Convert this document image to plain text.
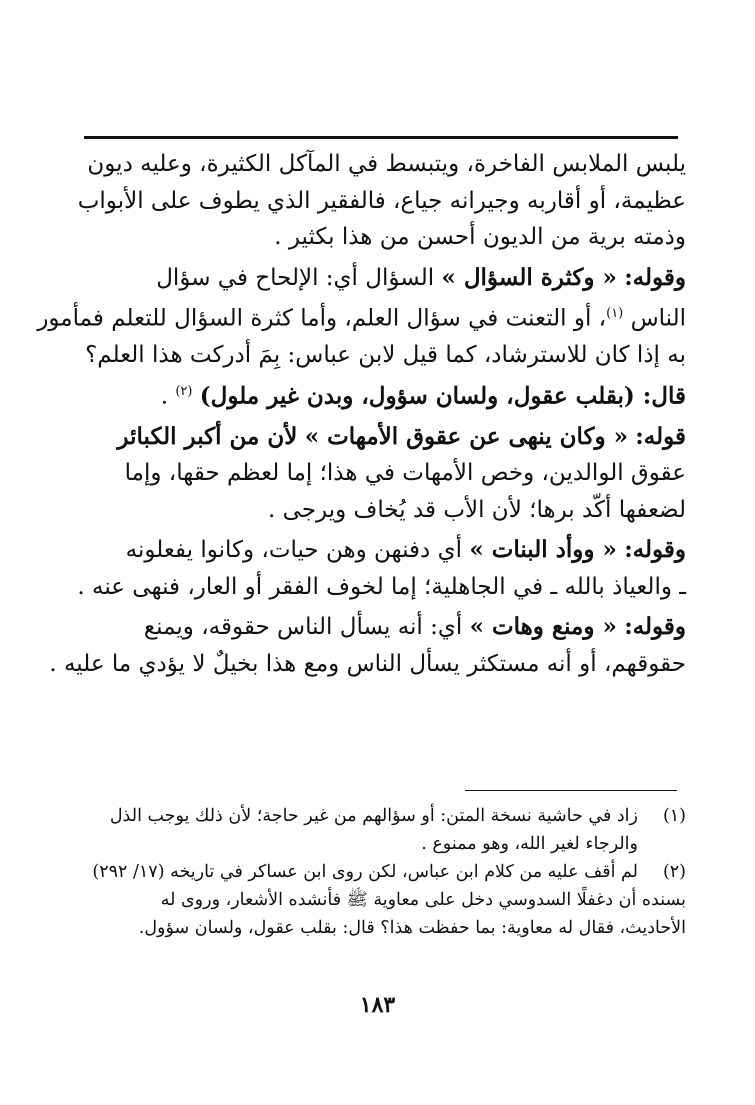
يلبس الملابس الفاخرة، ويتبسط في المآكل الكثيرة، وعليه ديون
عظيمة، أو أقاربه وجيرانه جياع، فالفقير الذي يطوف على الأبواب
وذمته برية من الديون أحسن من هذا بكثير .
وقوله: « وكثرة السؤال » السؤال أي: الإلحاح في سؤال
الناس $^{(١)}$، أو التعنت في سؤال العلم، وأما كثرة السؤال للتعلم فمأمور
به إذا كان للاسترشاد، كما قيل لابن عباس: بِمَ أدركت هذا العلم؟
قال: (بقلب عقول، ولسان سؤول، وبدن غير ملول) $^{(٢)}$ .
قوله: « وكان ينهى عن عقوق الأمهات » لأن من أكبر الكبائر
عقوق الوالدين، وخص الأمهات في هذا؛ إما لعظم حقها، وإما
لضعفها أكّد برها؛ لأن الأب قد يُخاف ويرجى .
وقوله: « ووأد البنات » أي دفنهن وهن حيات، وكانوا يفعلونه
ـ والعياذ بالله ـ في الجاهلية؛ إما لخوف الفقر أو العار، فنهى عنه .
وقوله: « ومنع وهات » أي: أنه يسأل الناس حقوقه، ويمنع
حقوقهم، أو أنه مستكثر يسأل الناس ومع هذا بخيلٌ لا يؤدي ما عليه .
(١)زاد في حاشية نسخة المتن: أو سؤالهم من غير حاجة؛ لأن ذلك يوجب الذل
والرجاء لغير الله، وهو ممنوع .
(٢)لم أقف عليه من كلام ابن عباس، لكن روى ابن عساكر في تاريخه (١٧/ ٢٩٢)
بسنده أن دغفلًا السدوسي دخل على معاوية ﷺ فأنشده الأشعار، وروى له
الأحاديث، فقال له معاوية: بما حفظت هذا؟ قال: بقلب عقول، ولسان سؤول.
١٨٣
